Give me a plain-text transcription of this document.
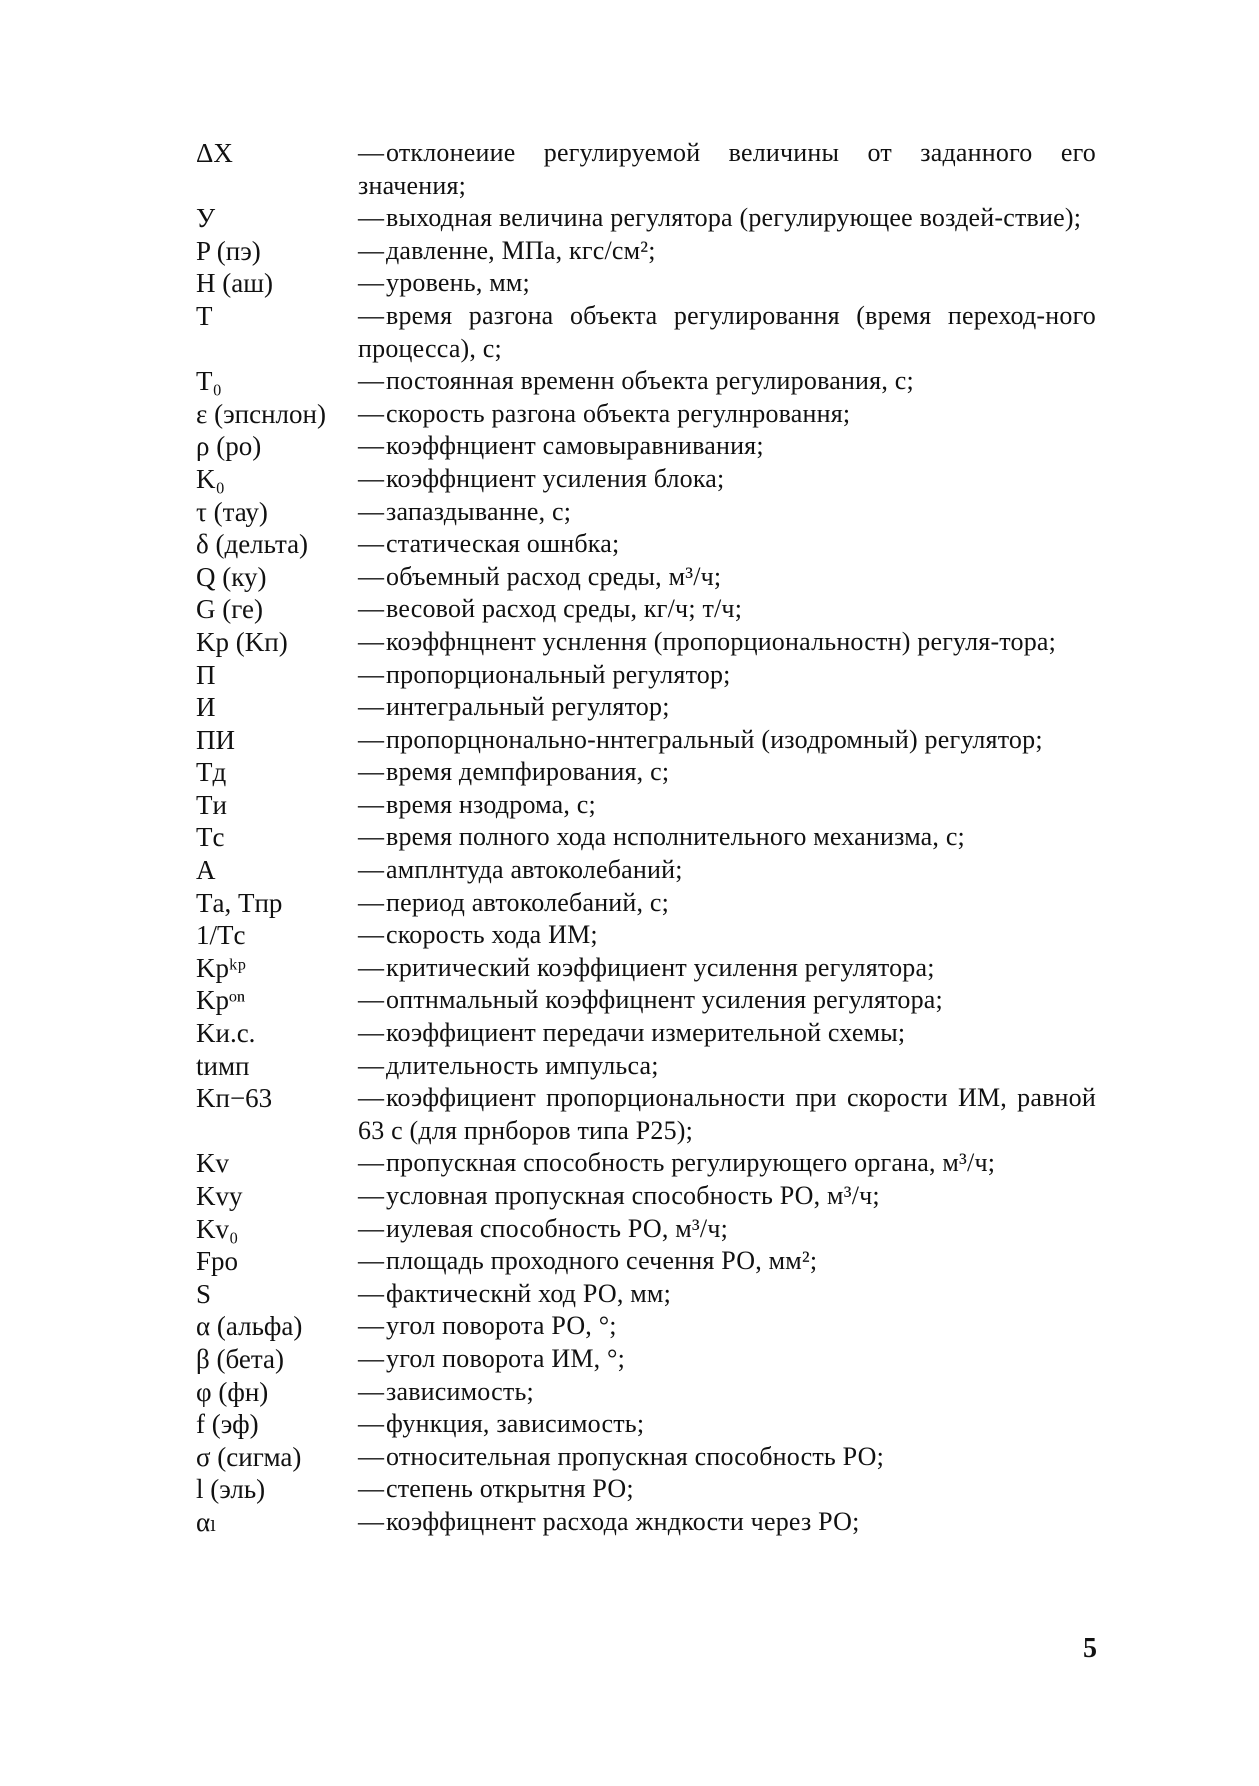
ΔX	—отклонеиие регулируемой величины от заданного его значения;
У	—выходная величина регулятора (регулирующее воздей-ствие);
P (пэ)	—давленне, МПа, кгс/см²;
H (аш)	—уровень, мм;
T	—время разгона объекта регулировання (время переход-ного процесса), с;
T₀	—постоянная временн объекта регулирования, с;
ε (эпснлон)	—скорость разгона объекта регулнровання;
ρ (ро)	—коэффнциент самовыравнивания;
K₀	—коэффнциент усиления блока;
τ (тау)	—запаздыванне, с;
δ (дельта)	—статическая ошнбка;
Q (ку)	—объемный расход среды, м³/ч;
G (ге)	—весовой расход среды, кг/ч; т/ч;
Kр (Kп)	—коэффнцнент уснлення (пропорциональностн) регуля-тора;
П	—пропорциональный регулятор;
И	—интегральный регулятор;
ПИ	—пропорцнонально-ннтегральный (изодромный) регулятор;
Tд	—время демпфирования, с;
Tи	—время нзодрома, с;
Tс	—время полного хода нсполнительного механизма, с;
A	—амплнтуда автоколебаний;
Tа, Tпр	—период автоколебаний, с;
1/Tс	—скорость хода ИМ;
Kрᵏᵖ	—критический коэффициент усилення регулятора;
Kрᵒⁿ	—оптнмальный коэффицнент усиления регулятора;
Kи.с.	—коэффициент передачи измерительной схемы;
tимп	—длительность импульса;
Kп−63	—коэффициент пропорциональности при скорости ИМ, равной 63 с (для прнборов типа Р25);
Kv	—пропускная способность регулирующего органа, м³/ч;
Kvy	—условная пропускная способность РО, м³/ч;
Kv₀	—иулевая способность РО, м³/ч;
Fро	—площадь проходного сечення РО, мм²;
S	—фактическнй ход РО, мм;
α (альфа)	—угол поворота РО, °;
β (бета)	—угол поворота ИМ, °;
φ (фн)	—зависимость;
f (эф)	—функция, зависимость;
σ (сигма)	—относительная пропускная способность РО;
l (эль)	—степень открытня РО;
αₗ	—коэффицнент расхода жндкости через РО;
5
